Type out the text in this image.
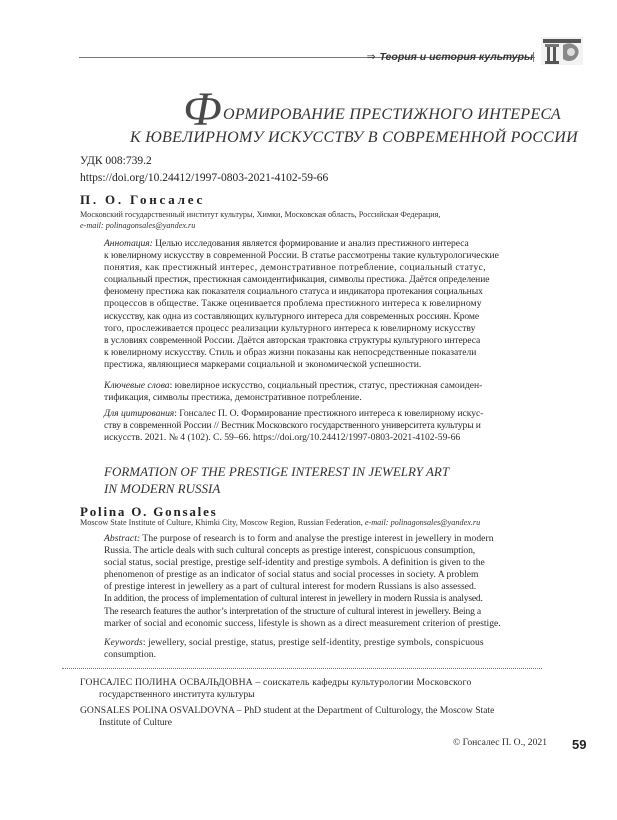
⇒ Теория и история культуры
Ф ОРМИРОВАНИЕ ПРЕСТИЖНОГО ИНТЕРЕСА
К ЮВЕЛИРНОМУ ИСКУССТВУ В СОВРЕМЕННОЙ РОССИИ
УДК 008:739.2
https://doi.org/10.24412/1997-0803-2021-4102-59-66
П. О. Гонсалес
Московский государственный институт культуры, Химки, Московская область, Российская Федерация,
e-mail: polinagonsales@yandex.ru
Аннотация: Целью исследования является формирование и анализ престижного интереса
к ювелирному искусству в современной России. В статье рассмотрены такие культурологические
понятия, как престижный интерес, демонстративное потребление, социальный статус,
социальный престиж, престижная самоидентификация, символы престижа. Даётся определение
феномену престижа как показателя социального статуса и индикатора протекания социальных
процессов в обществе. Также оценивается проблема престижного интереса к ювелирному
искусству, как одна из составляющих культурного интереса для современных россиян. Кроме
того, прослеживается процесс реализации культурного интереса к ювелирному искусству
в условиях современной России. Даётся авторская трактовка структуры культурного интереса
к ювелирному искусству. Стиль и образ жизни показаны как непосредственные показатели
престижа, являющиеся маркерами социальной и экономической успешности.
Ключевые слова: ювелирное искусство, социальный престиж, статус, престижная самоиден-
тификация, символы престижа, демонстративное потребление.
Для цитирования: Гонсалес П. О. Формирование престижного интереса к ювелирному искус-
ству в современной России // Вестник Московского государственного университета культуры и
искусств. 2021. № 4 (102). С. 59–66. https://doi.org/10.24412/1997-0803-2021-4102-59-66
FORMATION OF THE PRESTIGE INTEREST IN JEWELRY ART
IN MODERN RUSSIA
Polina O. Gonsales
Moscow State Institute of Culture, Khimki City, Moscow Region, Russian Federation, e-mail: polinagonsales@yandex.ru
Abstract: The purpose of research is to form and analyse the prestige interest in jewellery in modern
Russia. The article deals with such cultural concepts as prestige interest, conspicuous consumption,
social status, social prestige, prestige self-identity and prestige symbols. A definition is given to the
phenomenon of prestige as an indicator of social status and social processes in society. A problem
of prestige interest in jewellery as a part of cultural interest for modern Russians is also assessed.
In addition, the process of implementation of cultural interest in jewellery in modern Russia is analysed.
The research features the author’s interpretation of the structure of cultural interest in jewellery. Being a
marker of social and economic success, lifestyle is shown as a direct measurement criterion of prestige.
Keywords: jewellery, social prestige, status, prestige self-identity, prestige symbols, conspicuous
consumption.
ГОНСАЛЕС ПОЛИНА ОСВАЛЬДОВНА – соискатель кафедры культурологии Московского
государственного института культуры
GONSALES POLINA OSVALDOVNA – PhD student at the Department of Culturology, the Moscow State
Institute of Culture
© Гонсалес П. О., 2021 59
